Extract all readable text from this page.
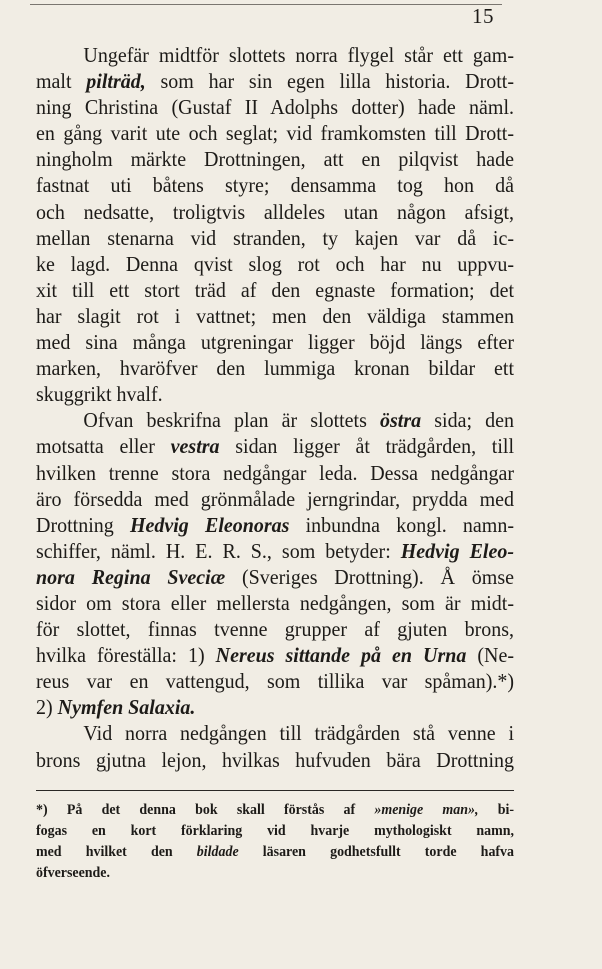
15
Ungefär midtför slottets norra flygel står ett gam-
malt pilträd, som har sin egen lilla historia. Drott-
ning Christina (Gustaf II Adolphs dotter) hade näml.
en gång varit ute och seglat; vid framkomsten till Drott-
ningholm märkte Drottningen, att en pilqvist hade
fastnat uti båtens styre; densamma tog hon då
och nedsatte, troligtvis alldeles utan någon afsigt,
mellan stenarna vid stranden, ty kajen var då ic-
ke lagd. Denna qvist slog rot och har nu uppvu-
xit till ett stort träd af den egnaste formation; det
har slagit rot i vattnet; men den väldiga stammen
med sina många utgreningar ligger böjd längs efter
marken, hvaröfver den lummiga kronan bildar ett
skuggrikt hvalf.
Ofvan beskrifna plan är slottets östra sida; den
motsatta eller vestra sidan ligger åt trädgården, till
hvilken trenne stora nedgångar leda. Dessa nedgångar
äro försedda med grönmålade jerngrindar, prydda med
Drottning Hedvig Eleonoras inbundna kongl. namn-
schiffer, näml. H. E. R. S., som betyder: Hedvig Eleo-
nora Regina Sveciæ (Sveriges Drottning). Å ömse
sidor om stora eller mellersta nedgången, som är midt-
för slottet, finnas tvenne grupper af gjuten brons,
hvilka föreställa: 1) Nereus sittande på en Urna (Ne-
reus var en vattengud, som tillika var spåman).*)
2) Nymfen Salaxia.
Vid norra nedgången till trädgården stå venne i
brons gjutna lejon, hvilkas hufvuden bära Drottning
*) På det denna bok skall förstås af »menige man», bi-
fogas en kort förklaring vid hvarje mythologiskt namn,
med hvilket den bildade läsaren godhetsfullt torde hafva
öfverseende.
